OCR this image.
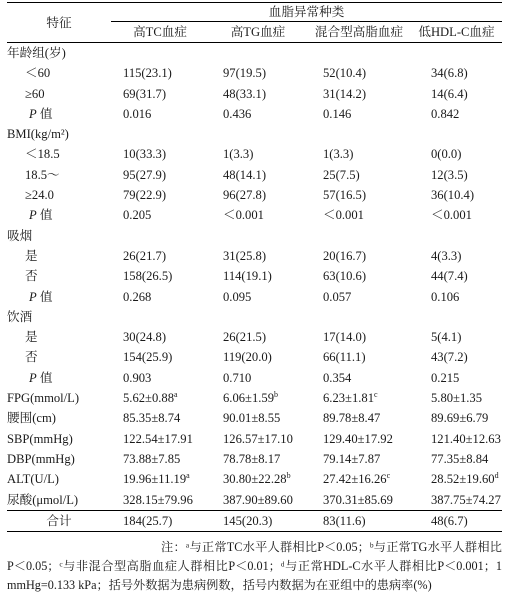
特征	血脂异常种类			
	高TC血症	高TG血症	混合型高脂血症	低HDL-C血症
年龄组(岁)				
＜60	115(23.1)	97(19.5)	52(10.4)	34(6.8)
≥60	69(31.7)	48(33.1)	31(14.2)	14(6.4)
P 值	0.016	0.436	0.146	0.842
BMI(kg/m²)				
＜18.5	10(33.3)	1(3.3)	1(3.3)	0(0.0)
18.5～	95(27.9)	48(14.1)	25(7.5)	12(3.5)
≥24.0	79(22.9)	96(27.8)	57(16.5)	36(10.4)
P 值	0.205	＜0.001	＜0.001	＜0.001
吸烟				
是	26(21.7)	31(25.8)	20(16.7)	4(3.3)
否	158(26.5)	114(19.1)	63(10.6)	44(7.4)
P 值	0.268	0.095	0.057	0.106
饮酒				
是	30(24.8)	26(21.5)	17(14.0)	5(4.1)
否	154(25.9)	119(20.0)	66(11.1)	43(7.2)
P 值	0.903	0.710	0.354	0.215
FPG(mmol/L)	5.62±0.88$^a$	6.06±1.59$^b$	6.23±1.81$^c$	5.80±1.35
腰围(cm)	85.35±8.74	90.01±8.55	89.78±8.47	89.69±6.79
SBP(mmHg)	122.54±17.91	126.57±17.10	129.40±17.92	121.40±12.63
DBP(mmHg)	73.88±7.85	78.78±8.17	79.14±7.87	77.35±8.84
ALT(U/L)	19.96±11.19$^a$	30.80±22.28$^b$	27.42±16.26$^c$	28.52±19.60$^d$
尿酸(μmol/L)	328.15±79.96	387.90±89.60	370.31±85.69	387.75±74.27
合计	184(25.7)	145(20.3)	83(11.6)	48(6.7)
注：ᵃ与正常TC水平人群相比P＜0.05；ᵇ与正常TG水平人群相比P＜0.05；ᶜ与非混合型高脂血症人群相比P＜0.01；ᵈ与正常HDL-C水平人群相比P＜0.001；1 mmHg=0.133 kPa；括号外数据为患病例数，括号内数据为在亚组中的患病率(%)
